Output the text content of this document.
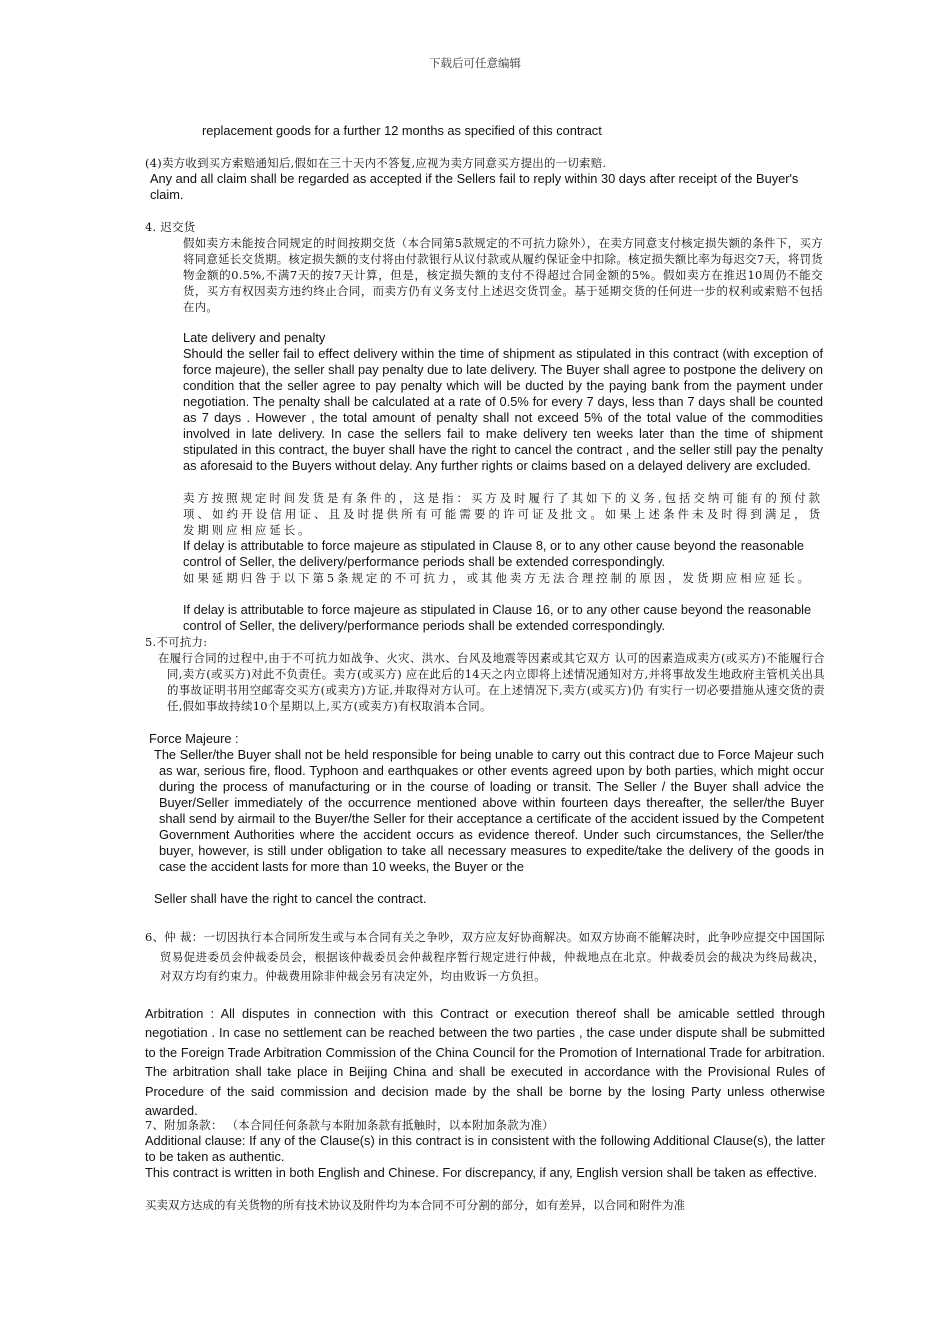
下载后可任意编辑

replacement goods for a further 12 months as specified of this contract

(4)卖方收到买方索赔通知后,假如在三十天内不答复,应视为卖方同意买方提出的一切索赔.

Any and all claim shall be regarded as accepted if the Sellers fail to reply within 30 days after receipt of the Buyer's claim.

4. 迟交货

假如卖方未能按合同规定的时间按期交货（本合同第5款规定的不可抗力除外），在卖方同意支付核定损失额的条件下，买方将同意延长交货期。核定损失额的支付将由付款银行从议付款或从履约保证金中扣除。核定损失额比率为每迟交7天，将罚货物金额的0.5%,不满7天的按7天计算，但是，核定损失额的支付不得超过合同金额的5%。假如卖方在推迟10周仍不能交货，买方有权因卖方违约终止合同，而卖方仍有义务支付上述迟交货罚金。基于延期交货的任何进一步的权利或索赔不包括在内。

Late delivery and penalty

Should the seller fail to effect delivery within the time of shipment as stipulated in this contract (with exception of force majeure), the seller shall pay penalty due to late delivery. The Buyer shall agree to postpone the delivery on condition that the seller agree to pay penalty which will be ducted by the paying bank from the payment under negotiation. The penalty shall be calculated at a rate of 0.5% for every 7 days, less than 7 days shall be counted as 7 days . However , the total amount of penalty shall not exceed 5% of the total value of the commodities involved in late delivery. In case the sellers fail to make delivery ten weeks later than the time of shipment stipulated in this contract, the buyer shall have the right to cancel the contract , and the seller still pay the penalty as aforesaid to the Buyers without delay. Any further rights or claims based on a delayed delivery are excluded.

卖方按照规定时间发货是有条件的，这是指：买方及时履行了其如下的义务,包括交纳可能有的预付款项、如约开设信用证、且及时提供所有可能需要的许可证及批文。如果上述条件未及时得到满足，货发期则应相应延长。

If delay is attributable to force majeure as stipulated in Clause 8, or to any other cause beyond the reasonable control of Seller, the delivery/performance periods shall be extended correspondingly.

如果延期归咎于以下第5条规定的不可抗力，或其他卖方无法合理控制的原因，发货期应相应延长。

If delay is attributable to force majeure as stipulated in Clause 16, or to any other cause beyond the reasonable control of Seller, the delivery/performance periods shall be extended correspondingly.

5.不可抗力:

在履行合同的过程中,由于不可抗力如战争、火灾、洪水、台风及地震等因素或其它双方 认可的因素造成卖方(或买方)不能履行合同,卖方(或买方)对此不负责任。卖方(或买方) 应在此后的14天之内立即将上述情况通知对方,并将事故发生地政府主管机关出具的事故证明书用空邮寄交买方(或卖方)方证,并取得对方认可。在上述情况下,卖方(或买方)仍 有实行一切必要措施从速交货的责任,假如事故持续10个星期以上,买方(或卖方)有权取消本合同。

Force Majeure :

The Seller/the Buyer shall not be held responsible for being unable to carry out this contract due to Force Majeur such as war, serious fire, flood. Typhoon and earthquakes or other events agreed upon by both parties, which might occur during the process of manufacturing or in the course of loading or transit. The Seller / the Buyer shall advice the Buyer/Seller immediately of the occurrence mentioned above within fourteen days thereafter, the seller/the Buyer shall send by airmail to the Buyer/the Seller for their acceptance a certificate of the accident issued by the Competent Government Authorities where the accident occurs as evidence thereof. Under such circumstances, the Seller/the buyer, however, is still under obligation to take all necessary measures to expedite/take the delivery of the goods in case the accident lasts for more than 10 weeks, the Buyer or the

Seller shall have the right to cancel the contract.

6、仲 裁：一切因执行本合同所发生或与本合同有关之争吵，双方应友好协商解决。如双方协商不能解决时，此争吵应提交中国国际贸易促进委员会仲裁委员会，根据该仲裁委员会仲裁程序暂行规定进行仲裁，仲裁地点在北京。仲裁委员会的裁决为终局裁决，对双方均有约束力。仲裁费用除非仲裁会另有决定外，均由败诉一方负担。

Arbitration : All disputes in connection with this Contract or execution thereof shall be amicable settled through negotiation . In case no settlement can be reached between the two parties , the case under dispute shall be submitted to the Foreign Trade Arbitration Commission of the China Council for the Promotion of International Trade for arbitration. The arbitration shall take place in Beijing China and shall be executed in accordance with the Provisional Rules of Procedure of the said commission and decision made by the shall be borne by the losing Party unless otherwise awarded.

7、附加条款： （本合同任何条款与本附加条款有抵触时，以本附加条款为准）

Additional clause: If any of the Clause(s) in this contract is in consistent with the following Additional Clause(s), the latter to be taken as authentic.

This contract is written in both English and Chinese. For discrepancy, if any, English version shall be taken as effective.

买卖双方达成的有关货物的所有技术协议及附件均为本合同不可分割的部分，如有差异，以合同和附件为准
